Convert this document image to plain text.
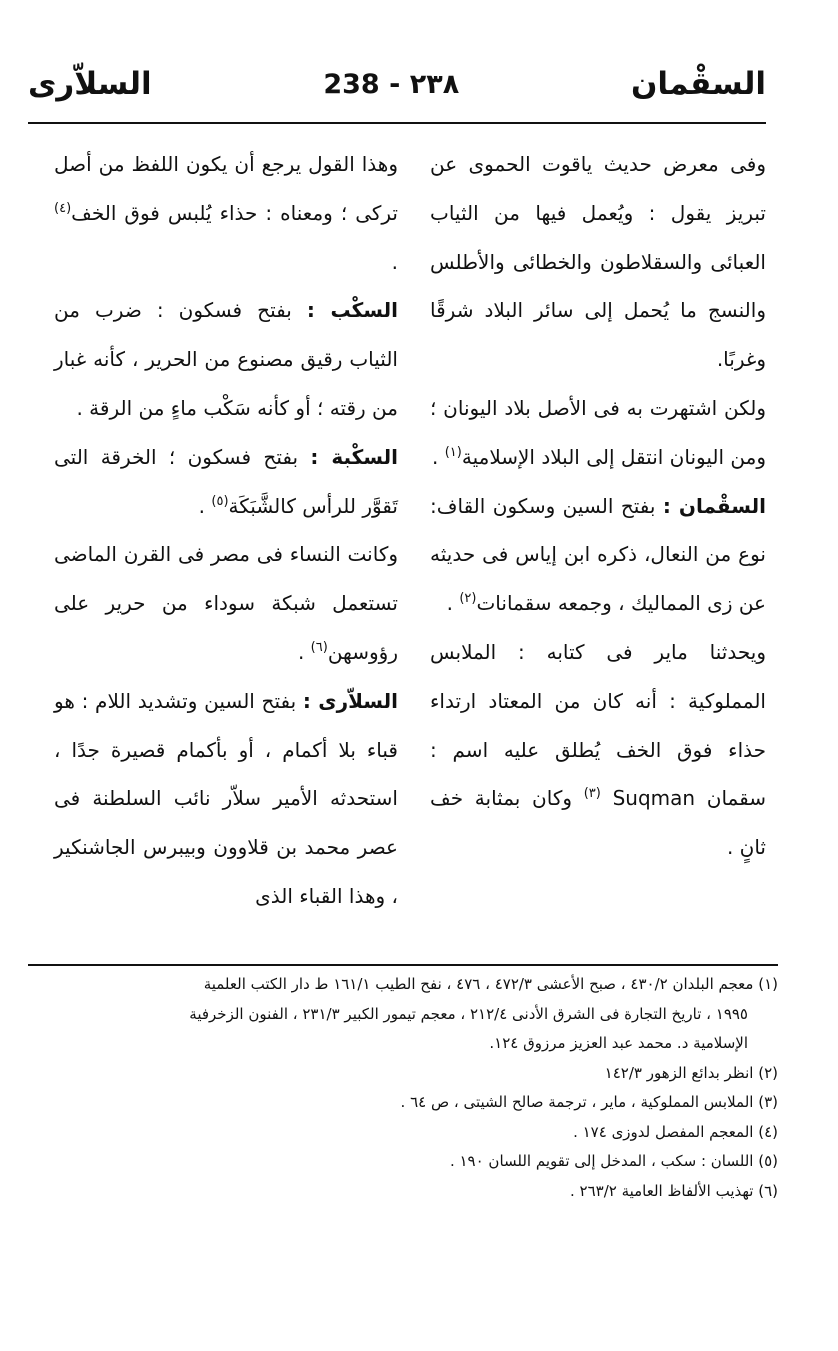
السلاّرى	238 - ٢٣٨	السقْمان

وفى معرض حديث ياقوت الحموى عن تبريز يقول : ويُعمل فيها من الثياب العبائى والسقلاطون والخطائى والأطلس والنسج ما يُحمل إلى سائر البلاد شرقًا وغربًا.

ولكن اشتهرت به فى الأصل بلاد اليونان ؛ ومن اليونان انتقل إلى البلاد الإسلامية$^{(١)}$ .

السقْمان : بفتح السين وسكون القاف: نوع من النعال، ذكره ابن إياس فى حديثه عن زى المماليك ، وجمعه سقمانات$^{(٢)}$ .

ويحدثنا ماير فى كتابه : الملابس المملوكية : أنه كان من المعتاد ارتداء حذاء فوق الخف يُطلق عليه اسم : سقمان Suqman $^{(٣)}$ وكان بمثابة خف ثانٍ .

وهذا القول يرجع أن يكون اللفظ من أصل تركى ؛ ومعناه : حذاء يُلبس فوق الخف$^{(٤)}$ .

السكْب : بفتح فسكون : ضرب من الثياب رقيق مصنوع من الحرير ، كأنه غبار من رقته ؛ أو كأنه سَكْب ماءٍ من الرقة .

السكْبة : بفتح فسكون ؛ الخرقة التى تَقوَّر للرأس كالشَّبَكَة$^{(٥)}$ .

وكانت النساء فى مصر فى القرن الماضى تستعمل شبكة سوداء من حرير على رؤوسهن$^{(٦)}$ .

السلاّرى : بفتح السين وتشديد اللام : هو قباء بلا أكمام ، أو بأكمام قصيرة جدًا ، استحدثه الأمير سلاّر نائب السلطنة فى عصر محمد بن قلاوون وبيبرس الجاشنكير ، وهذا القباء الذى

(١) معجم البلدان ٤٣٠/٢ ، صبح الأعشى ٤٧٢/٣ ، ٤٧٦ ، نفح الطيب ١٦١/١ ط دار الكتب العلمية

١٩٩٥ ، تاريخ التجارة فى الشرق الأدنى ٢١٢/٤ ، معجم تيمور الكبير ٢٣١/٣ ، الفنون الزخرفية

الإسلامية د. محمد عبد العزيز مرزوق ١٢٤.

(٢) انظر بدائع الزهور ١٤٢/٣

(٣) الملابس المملوكية ، ماير ، ترجمة صالح الشيتى ، ص ٦٤ .

(٤) المعجم المفصل لدوزى ١٧٤ .

(٥) اللسان : سكب ، المدخل إلى تقويم اللسان ١٩٠ .

(٦) تهذيب الألفاظ العامية ٢٦٣/٢ .
